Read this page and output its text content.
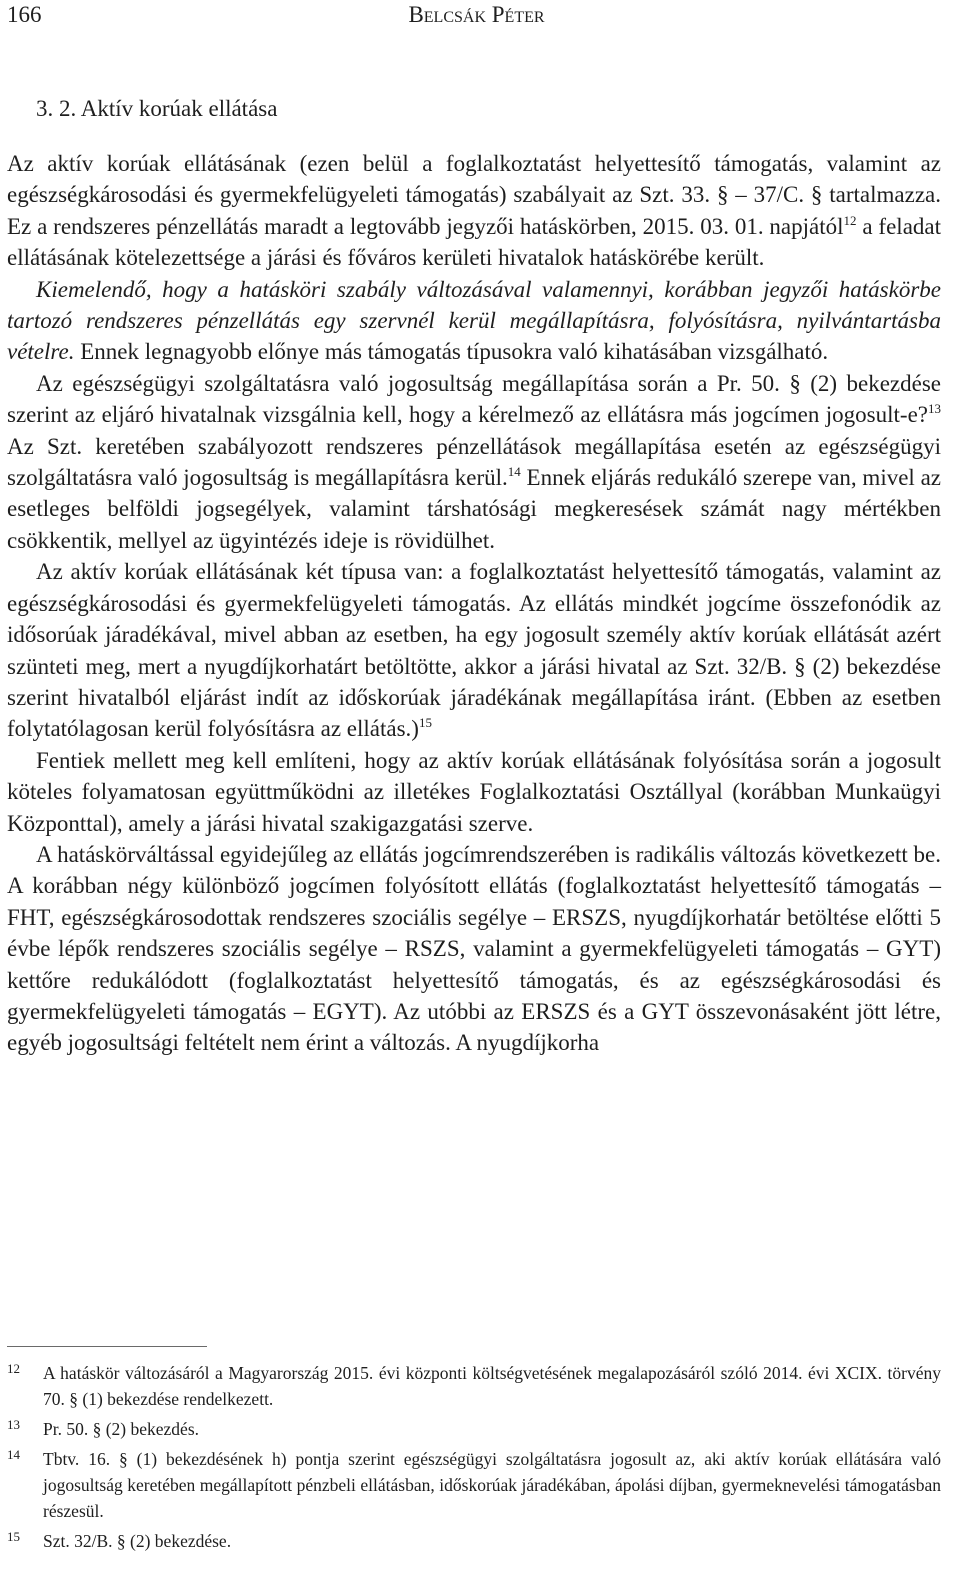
166	Belcsák Péter
3. 2. Aktív korúak ellátása

Az aktív korúak ellátásának (ezen belül a foglalkoztatást helyettesítő támogatás, valamint az egészségkárosodási és gyermekfelügyeleti támogatás) szabályait az Szt. 33. § – 37/C. § tartalmazza. Ez a rendszeres pénzellátás maradt a legtovább jegyzői hatáskörben, 2015. 03. 01. napjától$^{12}$ a feladat ellátásának kötelezettsége a járási és főváros kerületi hivatalok hatáskörébe került.

Kiemelendő, hogy a hatásköri szabály változásával valamennyi, korábban jegyzői hatáskörbe tartozó rendszeres pénzellátás egy szervnél kerül megállapításra, folyósításra, nyilvántartásba vételre. Ennek legnagyobb előnye más támogatás típusokra való kihatásában vizsgálható.

Az egészségügyi szolgáltatásra való jogosultság megállapítása során a Pr. 50. § (2) bekezdése szerint az eljáró hivatalnak vizsgálnia kell, hogy a kérelmező az ellátásra más jogcímen jogosult-e?$^{13}$ Az Szt. keretében szabályozott rendszeres pénzellátások megállapítása esetén az egészségügyi szolgáltatásra való jogosultság is megállapításra kerül.$^{14}$ Ennek eljárás redukáló szerepe van, mivel az esetleges belföldi jogsegélyek, valamint társhatósági megkeresések számát nagy mértékben csökkentik, mellyel az ügyintézés ideje is rövidülhet.

Az aktív korúak ellátásának két típusa van: a foglalkoztatást helyettesítő támogatás, valamint az egészségkárosodási és gyermekfelügyeleti támogatás. Az ellátás mindkét jogcíme összefonódik az idősorúak járadékával, mivel abban az esetben, ha egy jogosult személy aktív korúak ellátását azért szünteti meg, mert a nyugdíjkorhatárt betöltötte, akkor a járási hivatal az Szt. 32/B. § (2) bekezdése szerint hivatalból eljárást indít az időskorúak járadékának megállapítása iránt. (Ebben az esetben folytatólagosan kerül folyósításra az ellátás.)$^{15}$

Fentiek mellett meg kell említeni, hogy az aktív korúak ellátásának folyósítása során a jogosult köteles folyamatosan együttműködni az illetékes Foglalkoztatási Osztállyal (korábban Munkaügyi Központtal), amely a járási hivatal szakigazgatási szerve.

A hatáskörváltással egyidejűleg az ellátás jogcímrendszerében is radikális változás következett be. A korábban négy különböző jogcímen folyósított ellátás (foglalkoztatást helyettesítő támogatás – FHT, egészségkárosodottak rendszeres szociális segélye – ERSZS, nyugdíjkorhatár betöltése előtti 5 évbe lépők rendszeres szociális segélye – RSZS, valamint a gyermekfelügyeleti támogatás – GYT) kettőre redukálódott (foglalkoztatást helyettesítő támogatás, és az egészségkárosodási és gyermekfelügyeleti támogatás – EGYT). Az utóbbi az ERSZS és a GYT összevonásaként jött létre, egyéb jogosultsági feltételt nem érint a változás. A nyugdíjkorha

12 A hatáskör változásáról a Magyarország 2015. évi központi költségvetésének megalapozásáról szóló 2014. évi XCIX. törvény 70. § (1) bekezdése rendelkezett.

13 Pr. 50. § (2) bekezdés.

14 Tbtv. 16. § (1) bekezdésének h) pontja szerint egészségügyi szolgáltatásra jogosult az, aki aktív korúak ellátására való jogosultság keretében megállapított pénzbeli ellátásban, időskorúak járadékában, ápolási díjban, gyermeknevelési támogatásban részesül.

15 Szt. 32/B. § (2) bekezdése.
